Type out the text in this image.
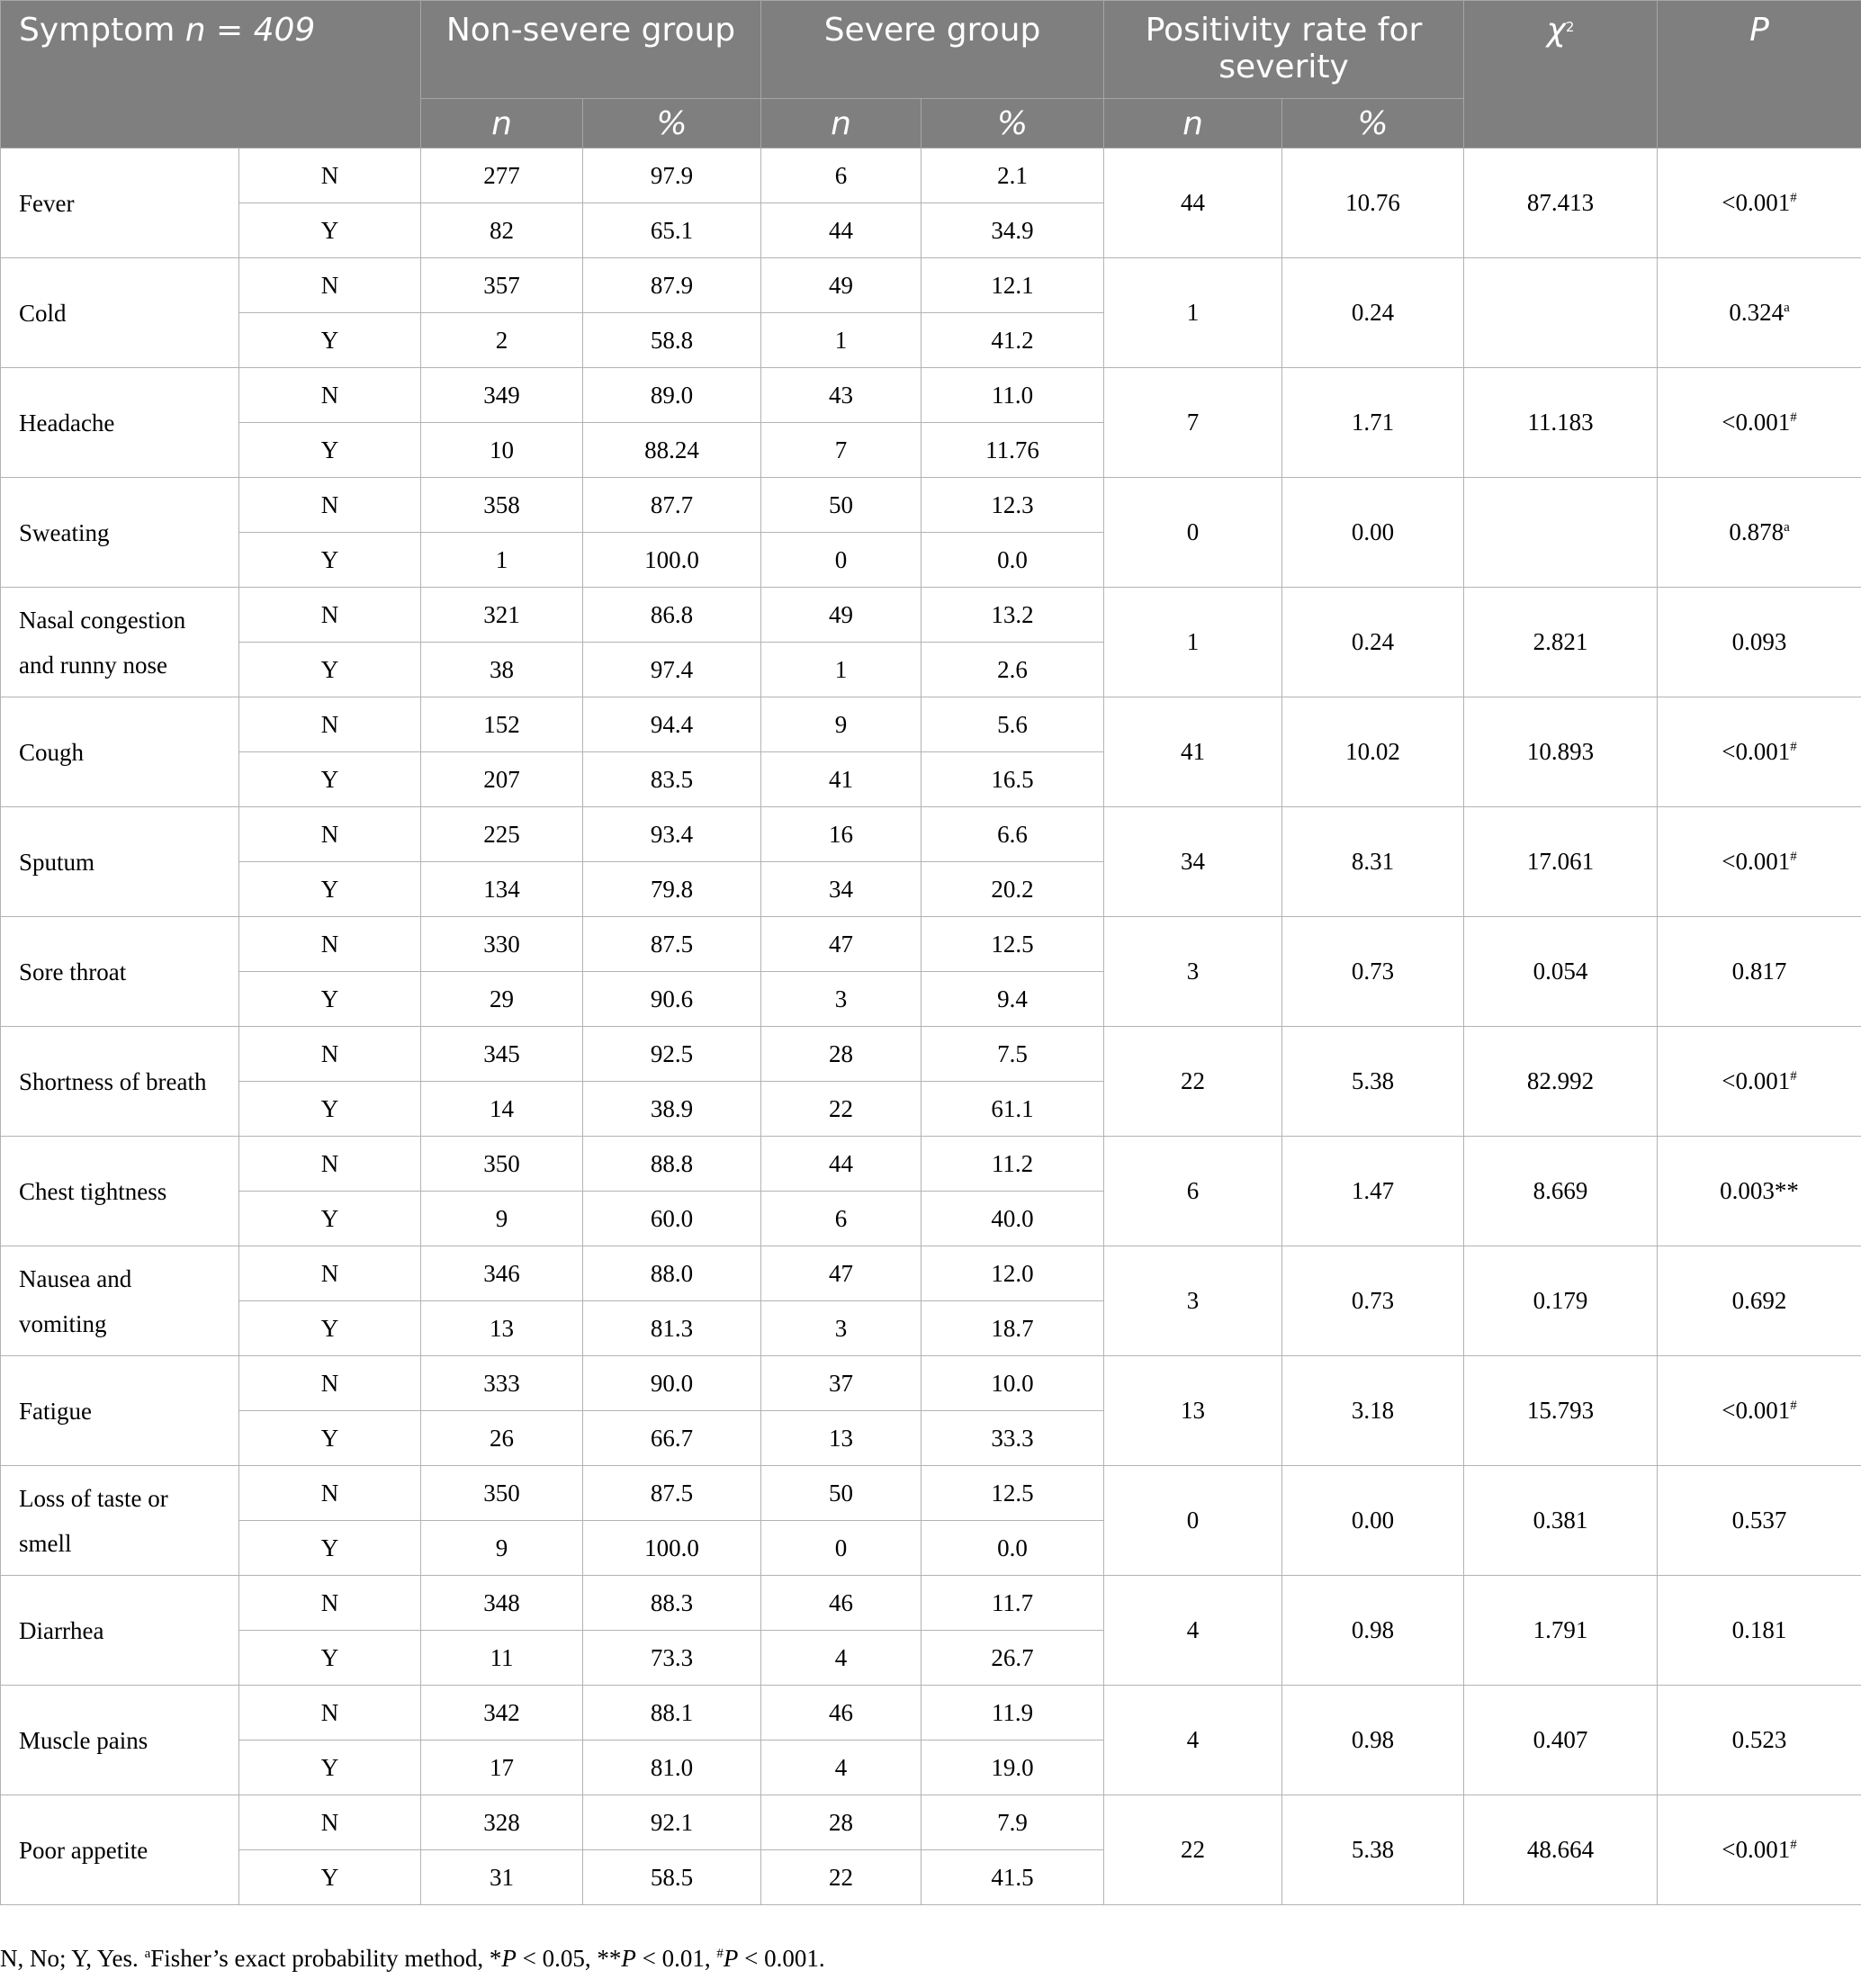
Symptom n = 409		Non-severe group		Severe group		Positivity rate for
severity		$\chi^2$	P
		n	%	n	%	n	%		
Fever	N	277	97.9	6	2.1	44	10.76	87.413	<0.001#
	Y	82	65.1	44	34.9				
Cold	N	357	87.9	49	12.1	1	0.24		0.324$^a$
	Y	2	58.8	1	41.2				
Headache	N	349	89.0	43	11.0	7	1.71	11.183	<0.001#
	Y	10	88.24	7	11.76				
Sweating	N	358	87.7	50	12.3	0	0.00		0.878$^a$
	Y	1	100.0	0	0.0				
Nasal congestion
and runny nose	N	321	86.8	49	13.2	1	0.24	2.821	0.093
	Y	38	97.4	1	2.6				
Cough	N	152	94.4	9	5.6	41	10.02	10.893	<0.001#
	Y	207	83.5	41	16.5				
Sputum	N	225	93.4	16	6.6	34	8.31	17.061	<0.001#
	Y	134	79.8	34	20.2				
Sore throat	N	330	87.5	47	12.5	3	0.73	0.054	0.817
	Y	29	90.6	3	9.4				
Shortness of breath	N	345	92.5	28	7.5	22	5.38	82.992	<0.001#
	Y	14	38.9	22	61.1				
Chest tightness	N	350	88.8	44	11.2	6	1.47	8.669	0.003**
	Y	9	60.0	6	40.0				
Nausea and
vomiting	N	346	88.0	47	12.0	3	0.73	0.179	0.692
	Y	13	81.3	3	18.7				
Fatigue	N	333	90.0	37	10.0	13	3.18	15.793	<0.001#
	Y	26	66.7	13	33.3				
Loss of taste or
smell	N	350	87.5	50	12.5	0	0.00	0.381	0.537
	Y	9	100.0	0	0.0				
Diarrhea	N	348	88.3	46	11.7	4	0.98	1.791	0.181
	Y	11	73.3	4	26.7				
Muscle pains	N	342	88.1	46	11.9	4	0.98	0.407	0.523
	Y	17	81.0	4	19.0				
Poor appetite	N	328	92.1	28	7.9	22	5.38	48.664	<0.001#
	Y	31	58.5	22	41.5				
N, No; Y, Yes. $^a$Fisher’s exact probability method, *P < 0.05, **P < 0.01, #P < 0.001.
